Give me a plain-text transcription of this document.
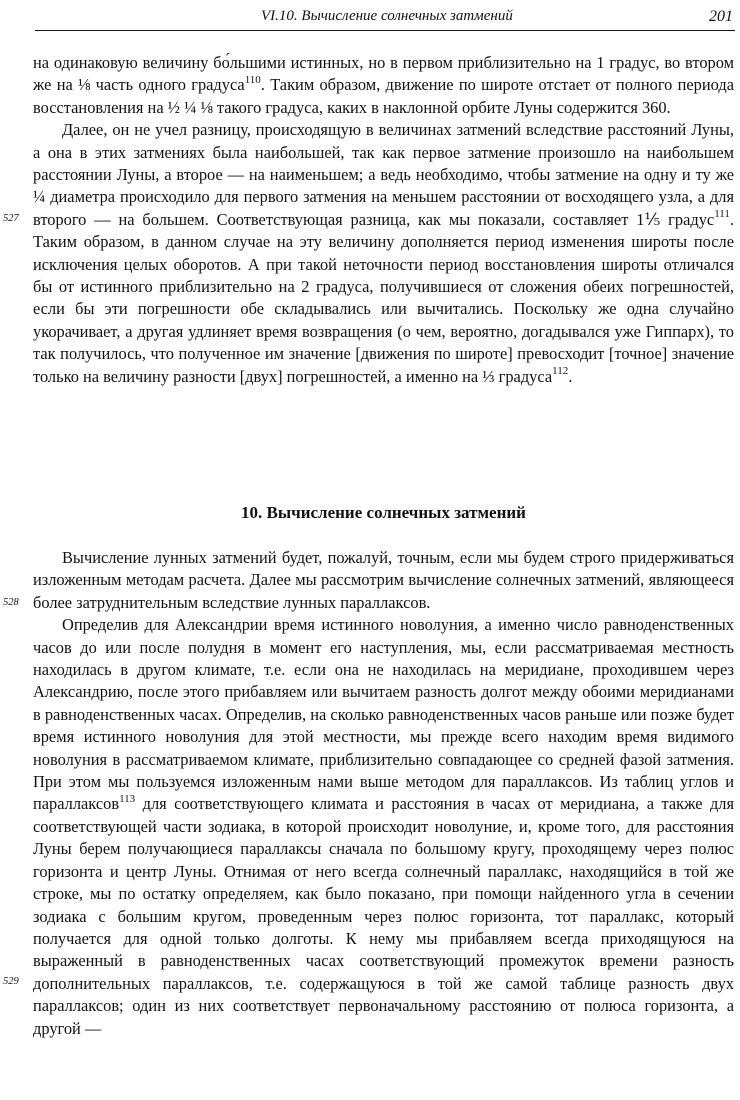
VI.10. Вычисление солнечных затмений	201

на одинаковую величину бо́льшими истинных, но в первом приблизительно на 1 градус, во втором же на ⅛ часть одного градуса$^{110}$. Таким образом, движение по широте отстает от полного периода восстановления на ½ ¼ ⅛ такого градуса, каких в наклонной орбите Луны содержится 360.

Далее, он не учел разницу, происходящую в величинах затмений вследствие расстояний Луны, а она в этих затмениях была наибольшей, так как первое затмение произошло на наибольшем расстоянии Луны, а второе — на наименьшем; а ведь необходимо, чтобы затмение на одну и ту же ¼ диаметра происходило для первого затмения на меньшем расстоянии от восходящего узла, а для второго — на большем. Соответствующая разница, как мы показали, составляет 1⅕ градус$^{111}$. Таким образом, в данном случае на эту величину дополняется период изменения широты после исключения целых оборотов. А при такой неточности период восстановления широты отличался бы от истинного приблизительно на 2 градуса, получившиеся от сложения обеих погрешностей, если бы эти погрешности обе складывались или вычитались. Поскольку же одна случайно укорачивает, а другая удлиняет время возвращения (о чем, вероятно, догадывался уже Гиппарх), то так получилось, что полученное им значение [движения по широте] превосходит [точное] значение только на величину разности [двух] погрешностей, а именно на ⅓ градуса$^{112}$.

10. Вычисление солнечных затмений

Вычисление лунных затмений будет, пожалуй, точным, если мы будем строго придерживаться изложенным методам расчета. Далее мы рассмотрим вычисление солнечных затмений, являющееся более затруднительным вследствие лунных параллаксов.

Определив для Александрии время истинного новолуния, а именно число равноденственных часов до или после полудня в момент его наступления, мы, если рассматриваемая местность находилась в другом климате, т.е. если она не находилась на меридиане, проходившем через Александрию, после этого прибавляем или вычитаем разность долгот между обоими меридианами в равноденственных часах. Определив, на сколько равноденственных часов раньше или позже будет время истинного новолуния для этой местности, мы прежде всего находим время видимого новолуния в рассматриваемом климате, приблизительно совпадающее со средней фазой затмения. При этом мы пользуемся изложенным нами выше методом для параллаксов. Из таблиц углов и параллаксов$^{113}$ для соответствующего климата и расстояния в часах от меридиана, а также для соответствующей части зодиака, в которой происходит новолуние, и, кроме того, для расстояния Луны берем получающиеся параллаксы сначала по большому кругу, проходящему через полюс горизонта и центр Луны. Отнимая от него всегда солнечный параллакс, находящийся в той же строке, мы по остатку определяем, как было показано, при помощи найденного угла в сечении зодиака с большим кругом, проведенным через полюс горизонта, тот параллакс, который получается для одной только долготы. К нему мы прибавляем всегда приходящуюся на выраженный в равноденственных часах соответствующий промежуток времени разность дополнительных параллаксов, т.е. содержащуюся в той же самой таблице разность двух параллаксов; один из них соответствует первоначальному расстоянию от полюса горизонта, а другой —

527
528
529
